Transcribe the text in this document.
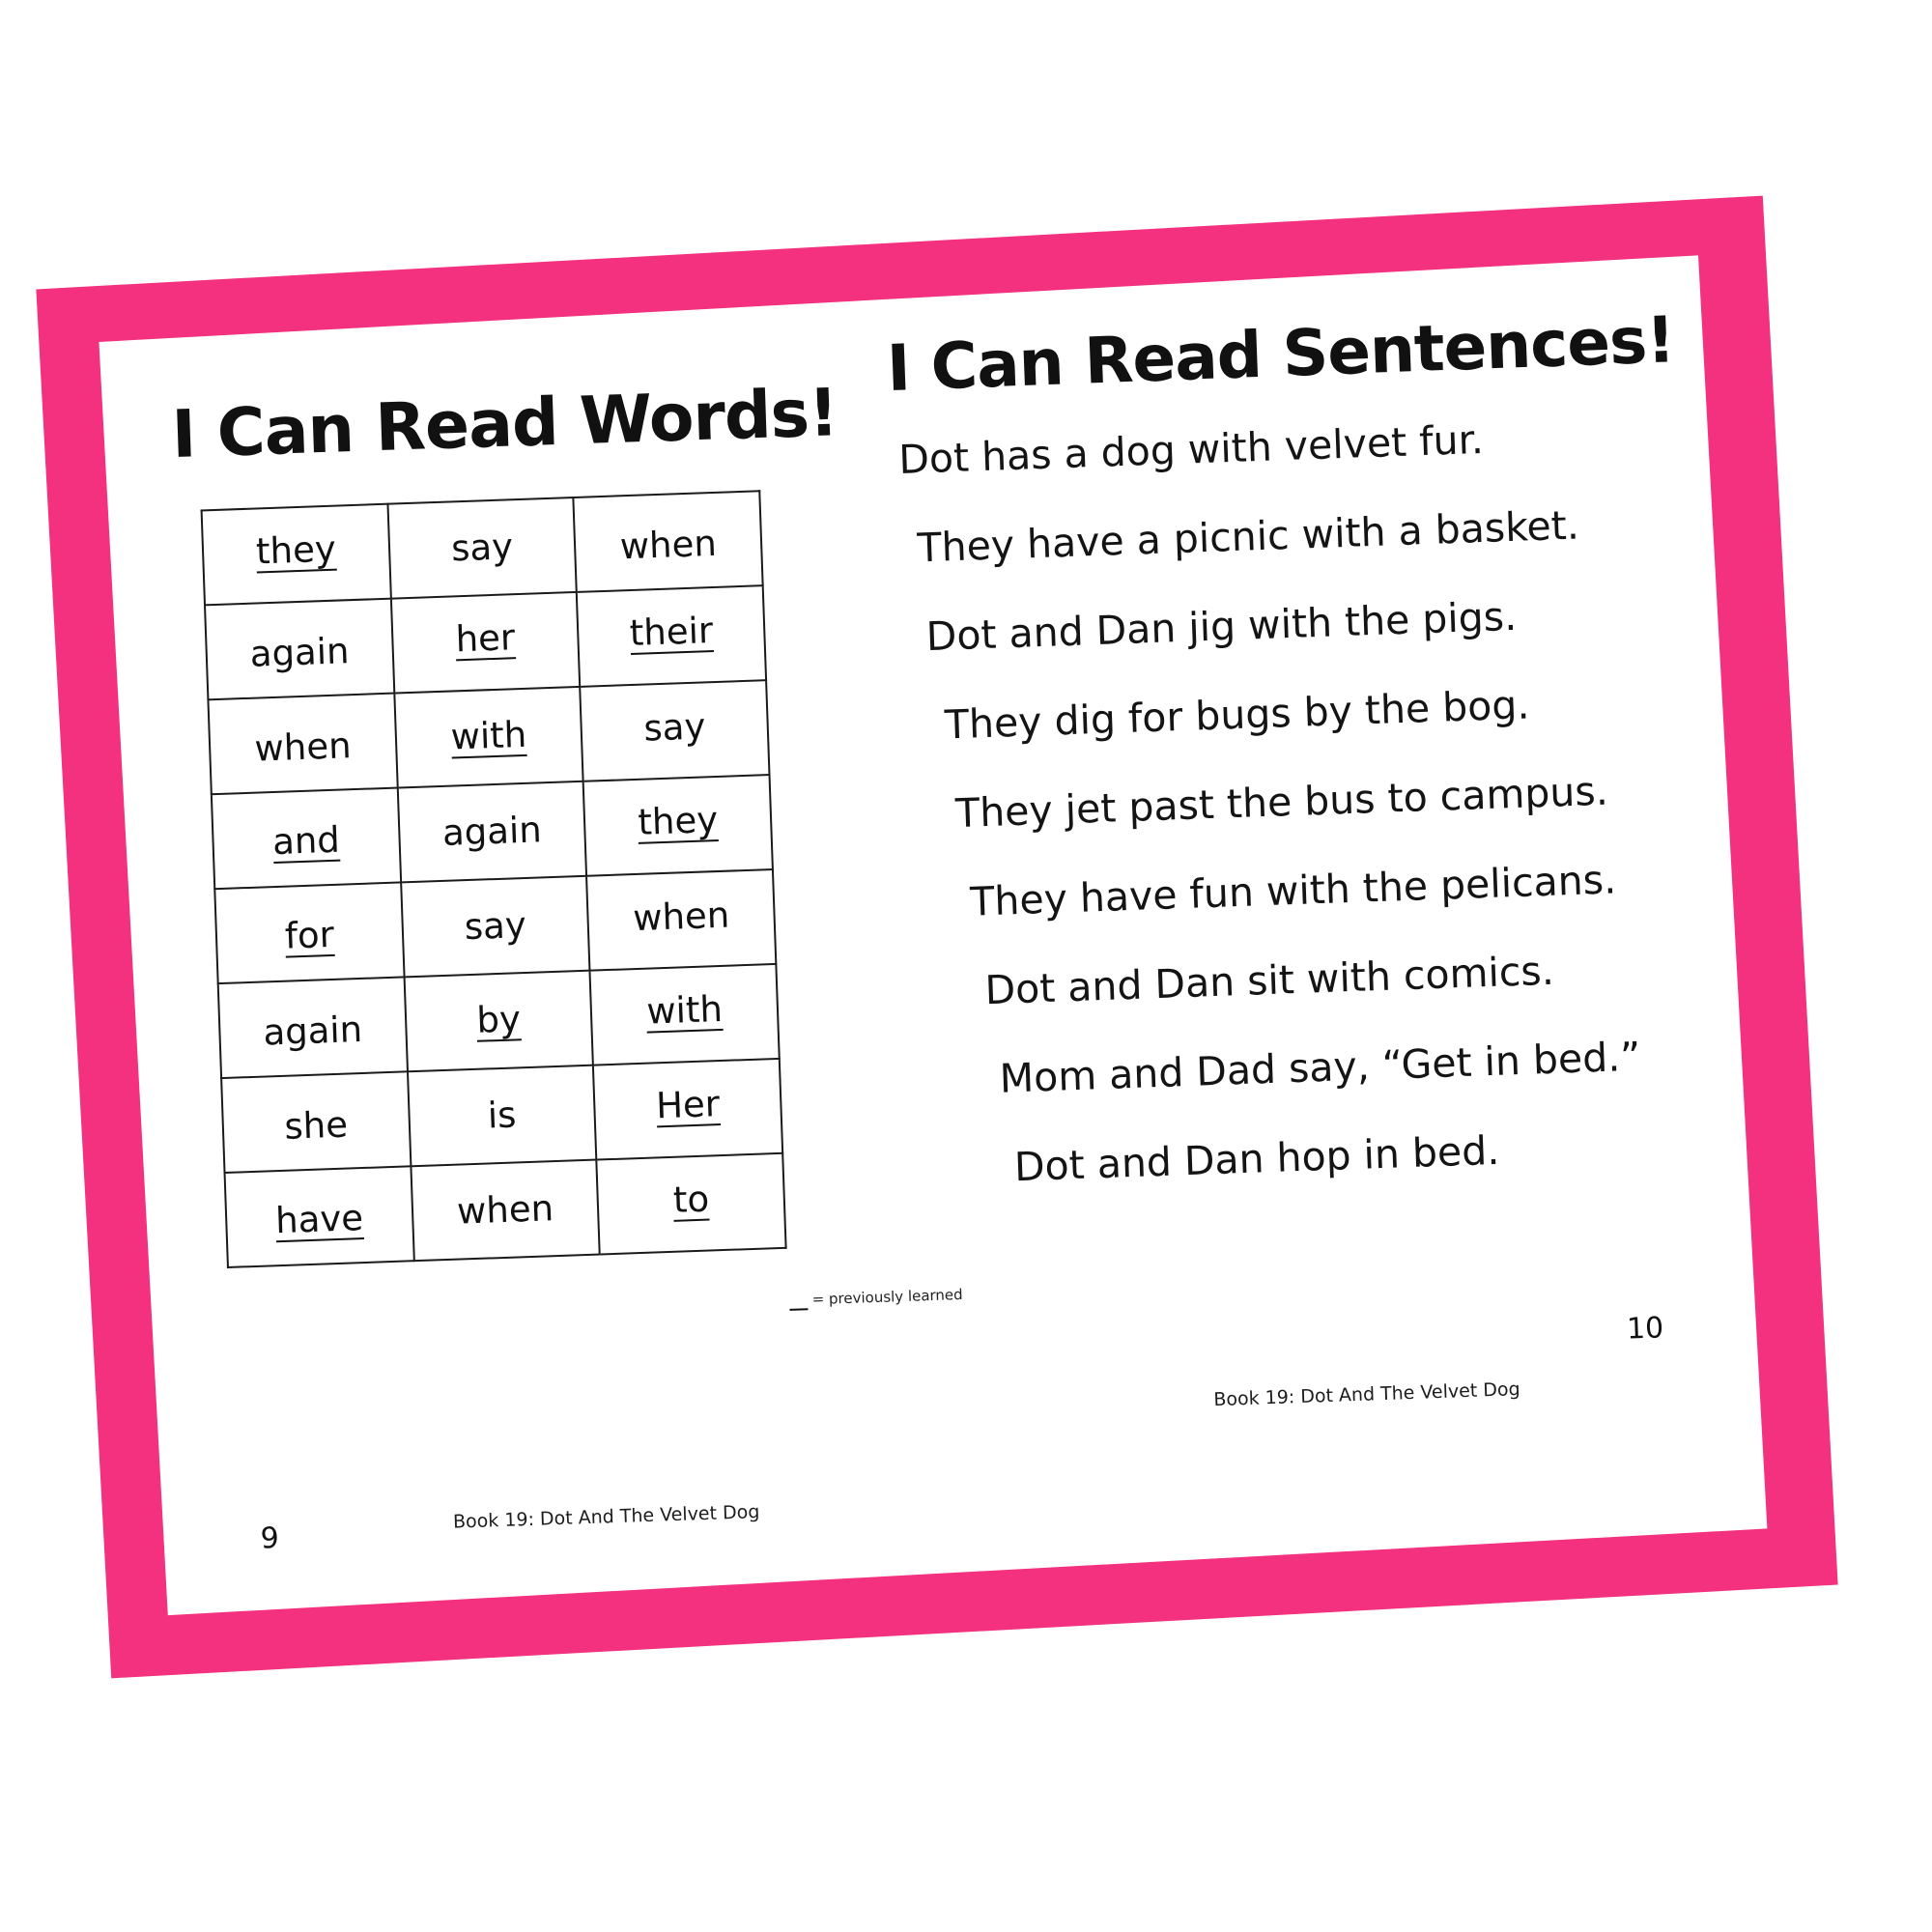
I Can Read Words!
they	say	when
again	her	their
when	with	say
and	again	they
for	say	when
again	by	with
she	is	Her
have	when	to
= previously learned
9
Book 19: Dot And The Velvet Dog
I Can Read Sentences!
Dot has a dog with velvet fur.
They have a picnic with a basket.
Dot and Dan jig with the pigs.
They dig for bugs by the bog.
They jet past the bus to campus.
They have fun with the pelicans.
Dot and Dan sit with comics.
Mom and Dad say, “Get in bed.”
Dot and Dan hop in bed.
10
Book 19: Dot And The Velvet Dog
